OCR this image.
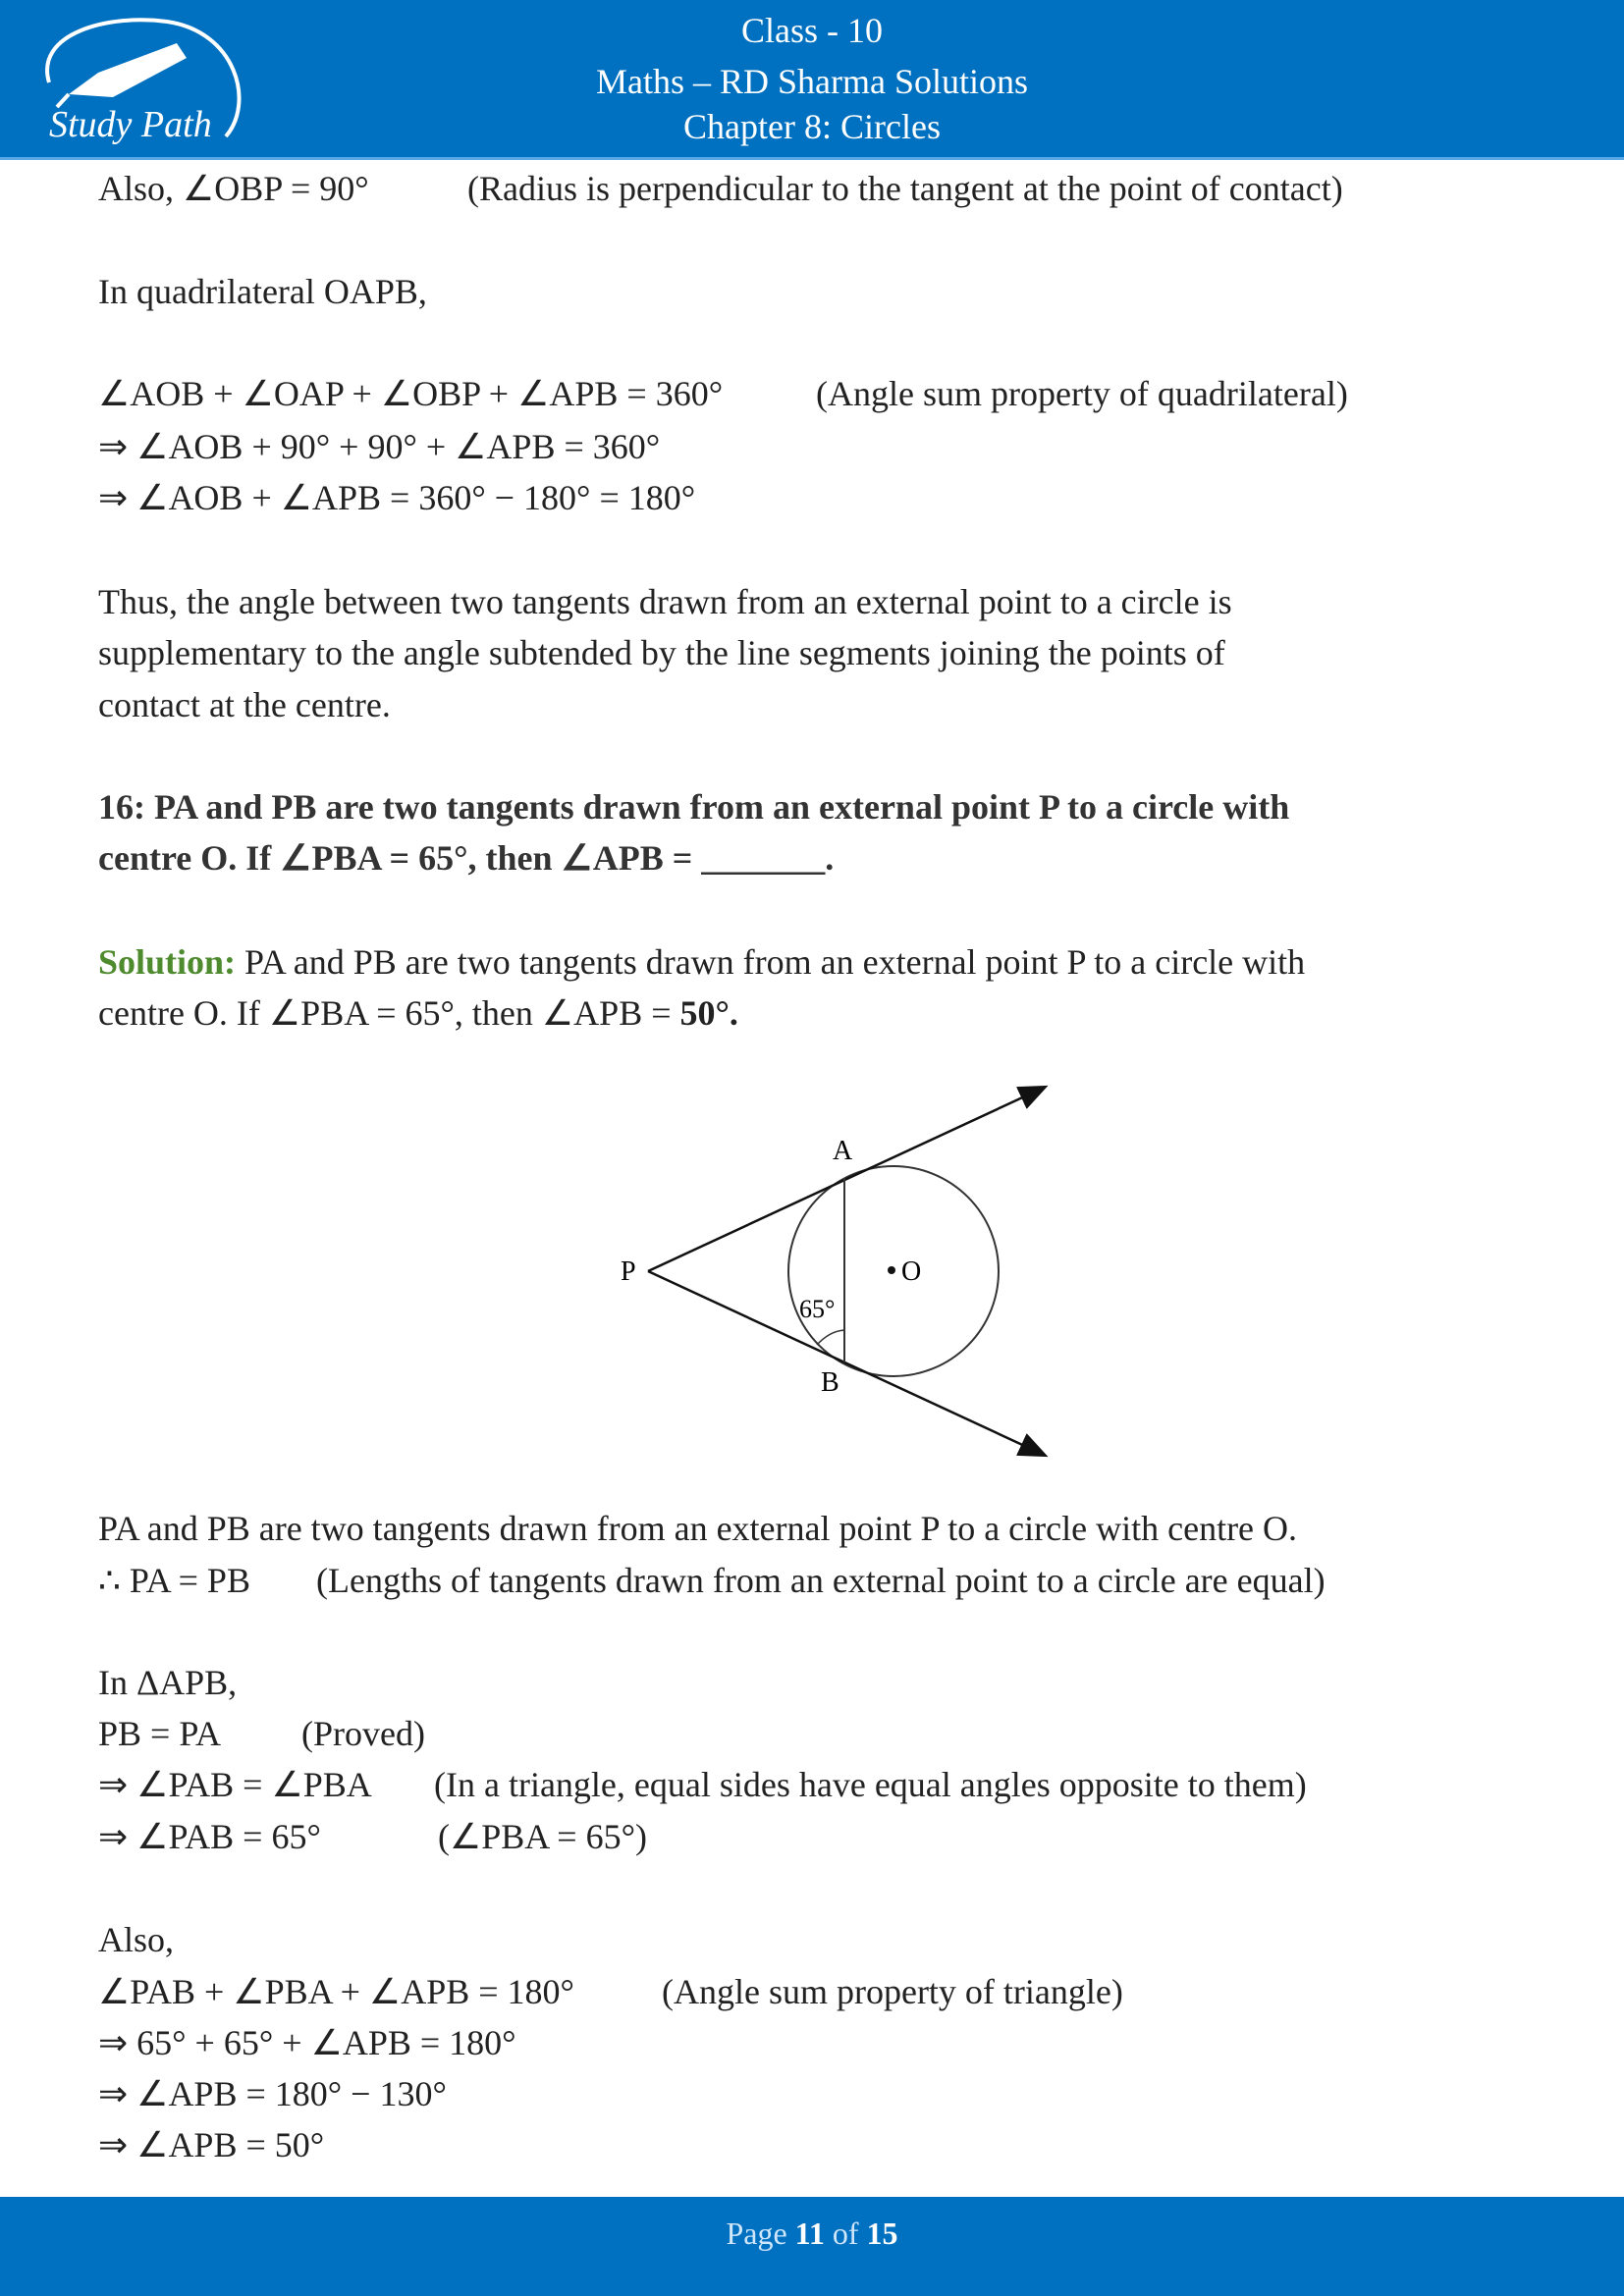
Study Path
Class - 10
Maths – RD Sharma Solutions
Chapter 8: Circles
Also, ∠OBP = 90°	(Radius is perpendicular to the tangent at the point of contact)
In quadrilateral OAPB,
∠AOB + ∠OAP + ∠OBP + ∠APB = 360°	(Angle sum property of quadrilateral)
⇒ ∠AOB + 90° + 90° + ∠APB = 360°
⇒ ∠AOB + ∠APB = 360° − 180° = 180°
Thus, the angle between two tangents drawn from an external point to a circle is
supplementary to the angle subtended by the line segments joining the points of
contact at the centre.
16: PA and PB are two tangents drawn from an external point P to a circle with
centre O. If ∠PBA = 65°, then ∠APB = _______.
Solution: PA and PB are two tangents drawn from an external point P to a circle with
centre O. If ∠PBA = 65°, then ∠APB = 50°.
A
P
B
O
65°
PA and PB are two tangents drawn from an external point P to a circle with centre O.
∴ PA = PB (Lengths of tangents drawn from an external point to a circle are equal)
In ΔAPB,
PB = PA (Proved)
⇒ ∠PAB = ∠PBA (In a triangle, equal sides have equal angles opposite to them)
⇒ ∠PAB = 65°	(∠PBA = 65°)
Also,
∠PAB + ∠PBA + ∠APB = 180° (Angle sum property of triangle)
⇒ 65° + 65° + ∠APB = 180°
⇒ ∠APB = 180° − 130°
⇒ ∠APB = 50°
Page 11 of 15
